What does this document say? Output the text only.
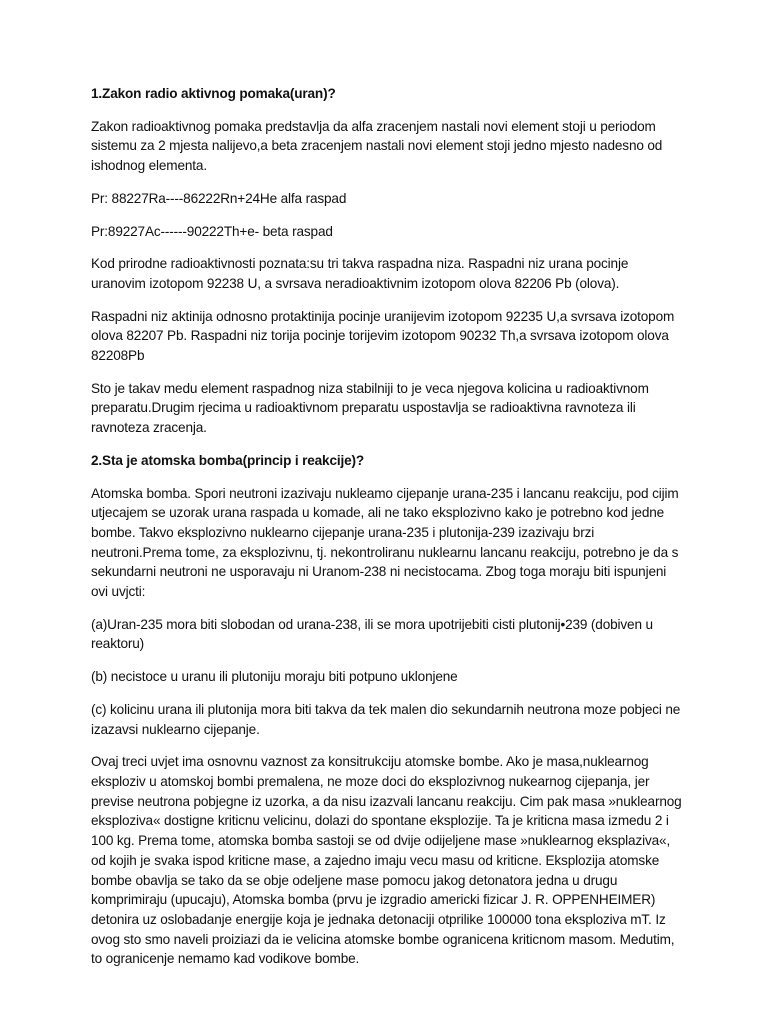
1.Zakon radio aktivnog pomaka(uran)?

Zakon radioaktivnog pomaka predstavlja da alfa zracenjem nastali novi element stoji u periodom sistemu za 2 mjesta nalijevo,a beta zracenjem nastali novi element stoji jedno mjesto nadesno od ishodnog elementa.

Pr: 88227Ra----86222Rn+24He alfa raspad

Pr:89227Ac------90222Th+e- beta raspad

Kod prirodne radioaktivnosti poznata:su tri takva raspadna niza. Raspadni niz urana pocinje uranovim izotopom 92238 U, a svrsava neradioaktivnim izotopom olova 82206 Pb (olova).

Raspadni niz aktinija odnosno protaktinija pocinje uranijevim izotopom 92235 U,a svrsava izotopom olova 82207 Pb. Raspadni niz torija pocinje torijevim izotopom 90232 Th,a svrsava izotopom olova 82208Pb

Sto je takav medu element raspadnog niza stabilniji to je veca njegova kolicina u radioaktivnom preparatu.Drugim rjecima u radioaktivnom preparatu uspostavlja se radioaktivna ravnoteza ili ravnoteza zracenja.

2.Sta je atomska bomba(princip i reakcije)?

Atomska bomba. Spori neutroni izazivaju nukleamo cijepanje urana-235 i lancanu reakciju, pod cijim utjecajem se uzorak urana raspada u komade, ali ne tako eksplozivno kako je potrebno kod jedne bombe. Takvo eksplozivno nuklearno cijepanje urana-235 i plutonija-239 izazivaju brzi neutroni.Prema tome, za eksplozivnu, tj. nekontroliranu nuklearnu lancanu reakciju, potrebno je da s sekundarni neutroni ne usporavaju ni Uranom-238 ni necistocama. Zbog toga moraju biti ispunjeni ovi uvjcti:

(a)Uran-235 mora biti slobodan od urana-238, ili se mora upotrijebiti cisti plutonij•239 (dobiven u reaktoru)

(b) necistoce u uranu ili plutoniju moraju biti potpuno uklonjene

(c) kolicinu urana ili plutonija mora biti takva da tek malen dio sekundarnih neutrona moze pobjeci ne izazavsi nuklearno cijepanje.

Ovaj treci uvjet ima osnovnu vaznost za konsitrukciju atomske bombe. Ako je masa,nuklearnog eksploziv u atomskoj bombi premalena, ne moze doci do eksplozivnog nukearnog cijepanja, jer previse neutrona pobjegne iz uzorka, a da nisu izazvali lancanu reakciju. Cim pak masa »nuklearnog eksploziva« dostigne kriticnu velicinu, dolazi do spontane eksplozije. Ta je kriticna masa izmedu 2 i 100 kg. Prema tome, atomska bomba sastoji se od dvije odijeljene mase »nuklearnog eksplaziva«, od kojih je svaka ispod kriticne mase, a zajedno imaju vecu masu od kriticne. Eksplozija atomske bombe obavlja se tako da se obje odeljene mase pomocu jakog detonatora jedna u drugu komprimiraju (upucaju), Atomska bomba (prvu je izgradio americki fizicar J. R. OPPENHEIMER) detonira uz oslobadanje energije koja je jednaka detonaciji otprilike 100000 tona eksploziva mT. Iz ovog sto smo naveli proiziazi da ie velicina atomske bombe ogranicena kriticnom masom. Medutim, to ogranicenje nemamo kad vodikove bombe.
